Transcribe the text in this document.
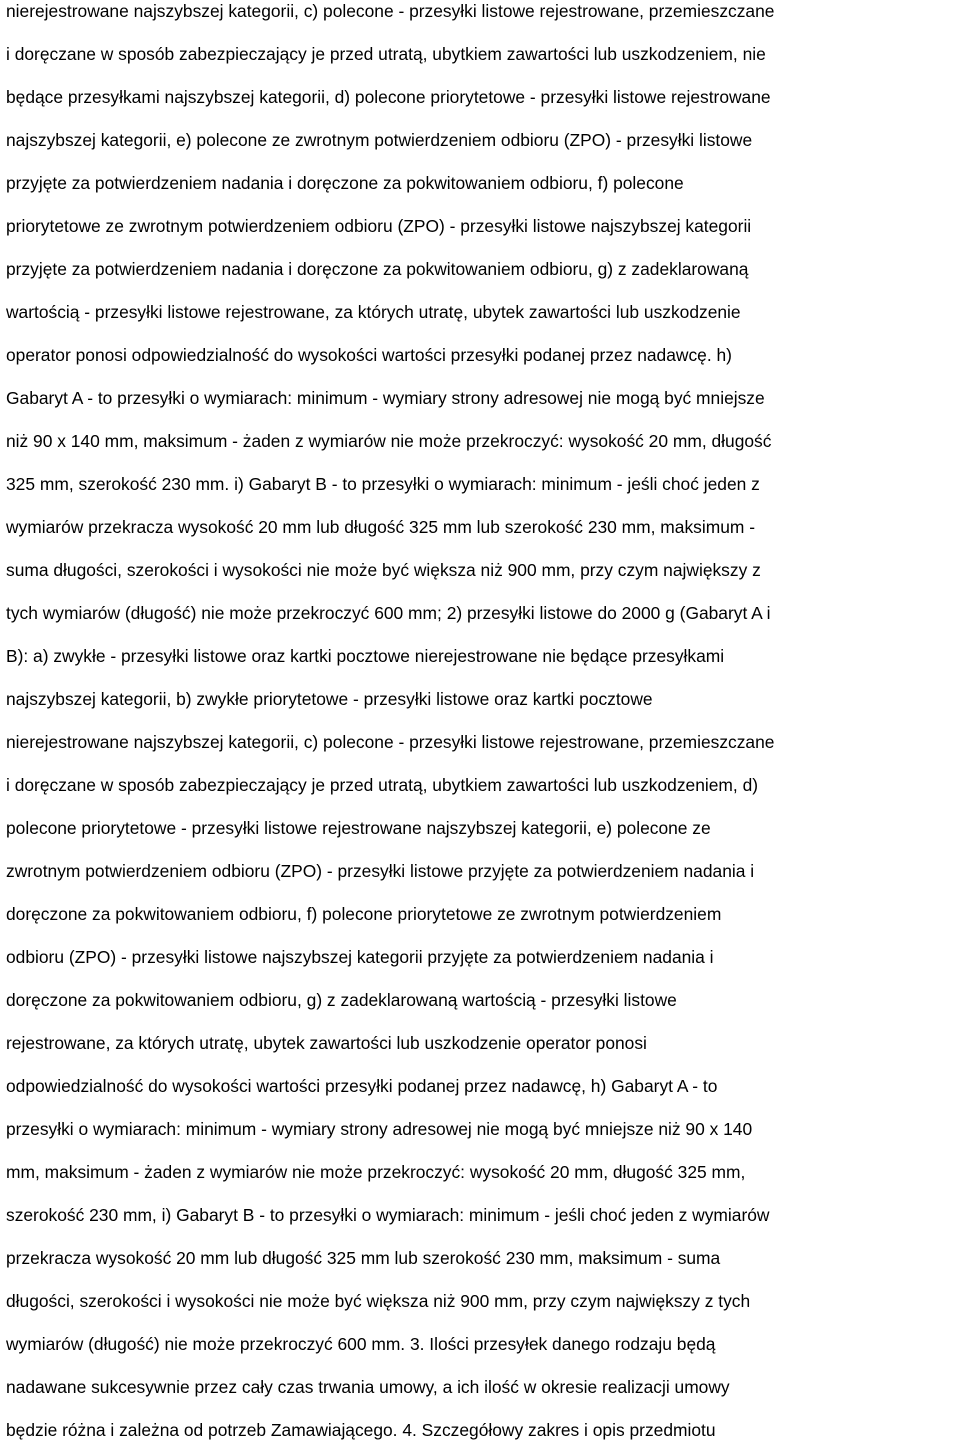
nierejestrowane najszybszej kategorii, c) polecone - przesyłki listowe rejestrowane, przemieszczane

i doręczane w sposób zabezpieczający je przed utratą, ubytkiem zawartości lub uszkodzeniem, nie

będące przesyłkami najszybszej kategorii, d) polecone priorytetowe - przesyłki listowe rejestrowane

najszybszej kategorii, e) polecone ze zwrotnym potwierdzeniem odbioru (ZPO) - przesyłki listowe

przyjęte za potwierdzeniem nadania i doręczone za pokwitowaniem odbioru, f) polecone

priorytetowe ze zwrotnym potwierdzeniem odbioru (ZPO) - przesyłki listowe najszybszej kategorii

przyjęte za potwierdzeniem nadania i doręczone za pokwitowaniem odbioru, g) z zadeklarowaną

wartością - przesyłki listowe rejestrowane, za których utratę, ubytek zawartości lub uszkodzenie

operator ponosi odpowiedzialność do wysokości wartości przesyłki podanej przez nadawcę. h)

Gabaryt A - to przesyłki o wymiarach: minimum - wymiary strony adresowej nie mogą być mniejsze

niż 90 x 140 mm, maksimum - żaden z wymiarów nie może przekroczyć: wysokość 20 mm, długość

325 mm, szerokość 230 mm. i) Gabaryt B - to przesyłki o wymiarach: minimum - jeśli choć jeden z

wymiarów przekracza wysokość 20 mm lub długość 325 mm lub szerokość 230 mm, maksimum -

suma długości, szerokości i wysokości nie może być większa niż 900 mm, przy czym największy z

tych wymiarów (długość) nie może przekroczyć 600 mm; 2) przesyłki listowe do 2000 g (Gabaryt A i

B): a) zwykłe - przesyłki listowe oraz kartki pocztowe nierejestrowane nie będące przesyłkami

najszybszej kategorii, b) zwykłe priorytetowe - przesyłki listowe oraz kartki pocztowe

nierejestrowane najszybszej kategorii, c) polecone - przesyłki listowe rejestrowane, przemieszczane

i doręczane w sposób zabezpieczający je przed utratą, ubytkiem zawartości lub uszkodzeniem, d)

polecone priorytetowe - przesyłki listowe rejestrowane najszybszej kategorii, e) polecone ze

zwrotnym potwierdzeniem odbioru (ZPO) - przesyłki listowe przyjęte za potwierdzeniem nadania i

doręczone za pokwitowaniem odbioru, f) polecone priorytetowe ze zwrotnym potwierdzeniem

odbioru (ZPO) - przesyłki listowe najszybszej kategorii przyjęte za potwierdzeniem nadania i

doręczone za pokwitowaniem odbioru, g) z zadeklarowaną wartością - przesyłki listowe

rejestrowane, za których utratę, ubytek zawartości lub uszkodzenie operator ponosi

odpowiedzialność do wysokości wartości przesyłki podanej przez nadawcę, h) Gabaryt A - to

przesyłki o wymiarach: minimum - wymiary strony adresowej nie mogą być mniejsze niż 90 x 140

mm, maksimum - żaden z wymiarów nie może przekroczyć: wysokość 20 mm, długość 325 mm,

szerokość 230 mm, i) Gabaryt B - to przesyłki o wymiarach: minimum - jeśli choć jeden z wymiarów

przekracza wysokość 20 mm lub długość 325 mm lub szerokość 230 mm, maksimum - suma

długości, szerokości i wysokości nie może być większa niż 900 mm, przy czym największy z tych

wymiarów (długość) nie może przekroczyć 600 mm. 3. Ilości przesyłek danego rodzaju będą

nadawane sukcesywnie przez cały czas trwania umowy, a ich ilość w okresie realizacji umowy

będzie różna i zależna od potrzeb Zamawiającego. 4. Szczegółowy zakres i opis przedmiotu
